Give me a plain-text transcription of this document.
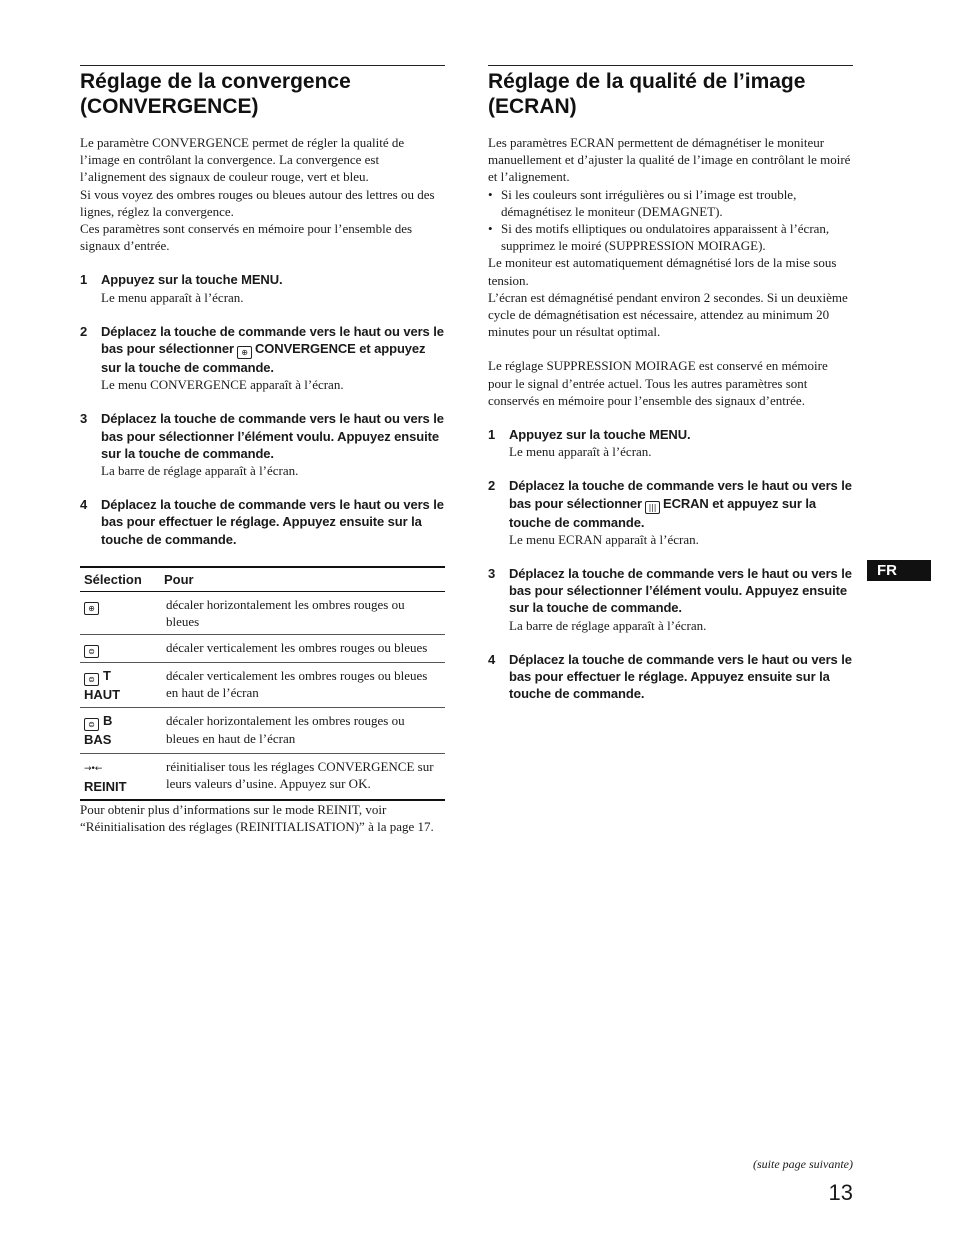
Réglage de la convergence
(CONVERGENCE)

Le paramètre CONVERGENCE permet de régler la qualité de l’image en contrôlant la convergence. La convergence est l’alignement des signaux de couleur rouge, vert et bleu.

Si vous voyez des ombres rouges ou bleues autour des lettres ou des lignes, réglez la convergence.

Ces paramètres sont conservés en mémoire pour l’ensemble des signaux d’entrée.

1 Appuyez sur la touche MENU.

Le menu apparaît à l’écran.

2 Déplacez la touche de commande vers le haut ou vers le bas pour sélectionner ⊕ CONVERGENCE et appuyez sur la touche de commande.

Le menu CONVERGENCE apparaît à l’écran.

3 Déplacez la touche de commande vers le haut ou vers le bas pour sélectionner l’élément voulu. Appuyez ensuite sur la touche de commande.

La barre de réglage apparaît à l’écran.

4 Déplacez la touche de commande vers le haut ou vers le bas pour effectuer le réglage. Appuyez ensuite sur la touche de commande.

Sélection	Pour
⊕	décaler horizontalement les ombres rouges ou bleues
⊜	décaler verticalement les ombres rouges ou bleues
⊜ T
HAUT	décaler verticalement les ombres rouges ou bleues en haut de l’écran
⊜ B
BAS	décaler horizontalement les ombres rouges ou bleues en haut de l’écran
→•←
REINIT	réinitialiser tous les réglages CONVERGENCE sur leurs valeurs d’usine. Appuyez sur OK.

Pour obtenir plus d’informations sur le mode REINIT, voir “Réinitialisation des réglages (REINITIALISATION)” à la page 17.

Réglage de la qualité de l’image
(ECRAN)

Les paramètres ECRAN permettent de démagnétiser le moniteur manuellement et d’ajuster la qualité de l’image en contrôlant le moiré et l’alignement.

• Si les couleurs sont irrégulières ou si l’image est trouble, démagnétisez le moniteur (DEMAGNET).
• Si des motifs elliptiques ou ondulatoires apparaissent à l’écran, supprimez le moiré (SUPPRESSION MOIRAGE).

Le moniteur est automatiquement démagnétisé lors de la mise sous tension.

L’écran est démagnétisé pendant environ 2 secondes. Si un deuxième cycle de démagnétisation est nécessaire, attendez au minimum 20 minutes pour un résultat optimal.

Le réglage SUPPRESSION MOIRAGE est conservé en mémoire pour le signal d’entrée actuel. Tous les autres paramètres sont conservés en mémoire pour l’ensemble des signaux d’entrée.

1 Appuyez sur la touche MENU.

Le menu apparaît à l’écran.

2 Déplacez la touche de commande vers le haut ou vers le bas pour sélectionner ||| ECRAN et appuyez sur la touche de commande.

Le menu ECRAN apparaît à l’écran.

3 Déplacez la touche de commande vers le haut ou vers le bas pour sélectionner l’élément voulu. Appuyez ensuite sur la touche de commande.

La barre de réglage apparaît à l’écran.

4 Déplacez la touche de commande vers le haut ou vers le bas pour effectuer le réglage. Appuyez ensuite sur la touche de commande.

FR
(suite page suivante)
13
